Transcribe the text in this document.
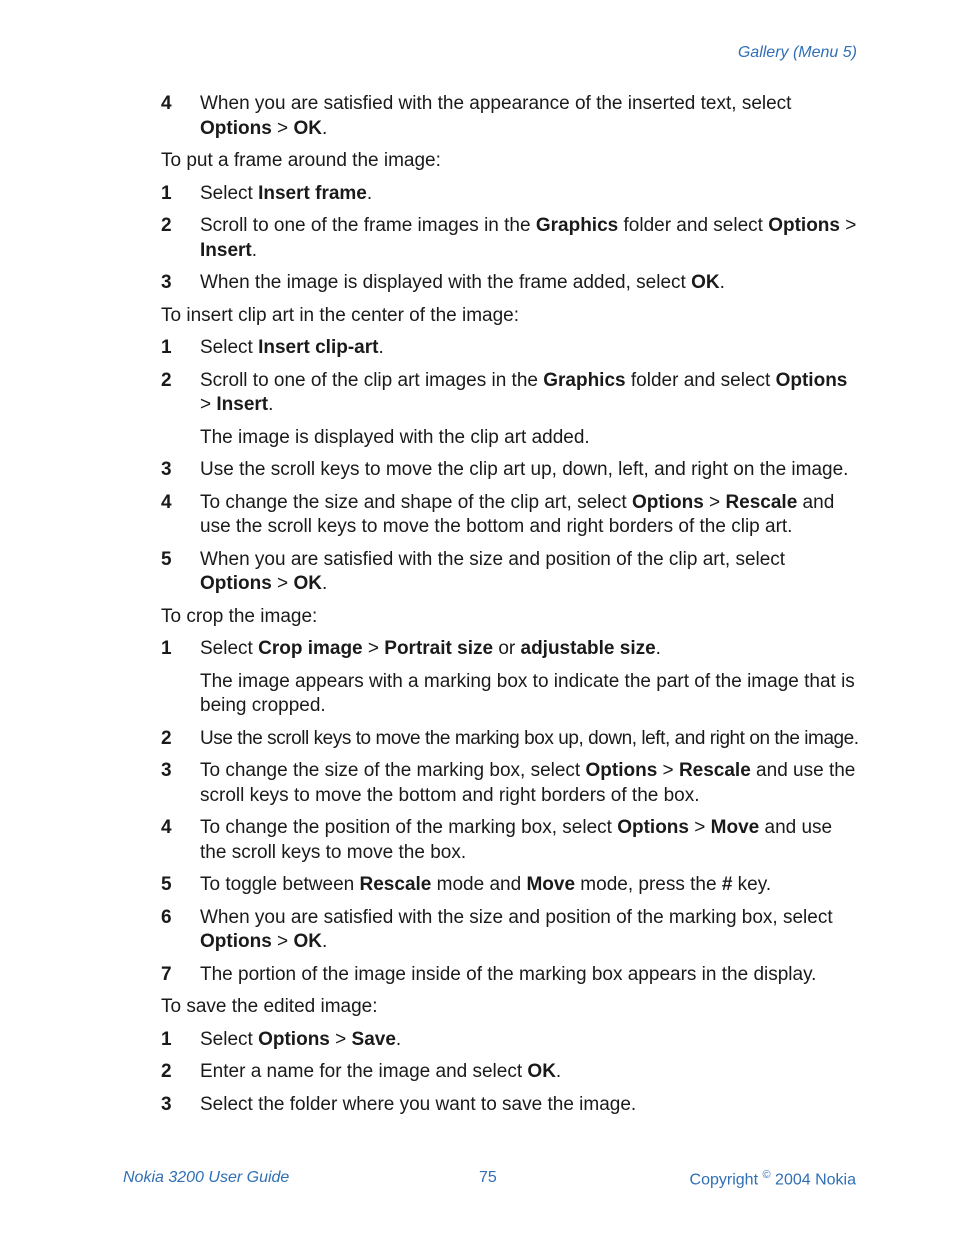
Gallery (Menu 5)
4	When you are satisfied with the appearance of the inserted text, select Options > OK.
To put a frame around the image:
1	Select Insert frame.
2	Scroll to one of the frame images in the Graphics folder and select Options > Insert.
3	When the image is displayed with the frame added, select OK.
To insert clip art in the center of the image:
1	Select Insert clip-art.
2	Scroll to one of the clip art images in the Graphics folder and select Options > Insert.
The image is displayed with the clip art added.
3	Use the scroll keys to move the clip art up, down, left, and right on the image.
4	To change the size and shape of the clip art, select Options > Rescale and use the scroll keys to move the bottom and right borders of the clip art.
5	When you are satisfied with the size and position of the clip art, select Options > OK.
To crop the image:
1	Select Crop image > Portrait size or adjustable size.
The image appears with a marking box to indicate the part of the image that is being cropped.
2	Use the scroll keys to move the marking box up, down, left, and right on the image.
3	To change the size of the marking box, select Options > Rescale and use the scroll keys to move the bottom and right borders of the box.
4	To change the position of the marking box, select Options > Move and use the scroll keys to move the box.
5	To toggle between Rescale mode and Move mode, press the # key.
6	When you are satisfied with the size and position of the marking box, select Options > OK.
7	The portion of the image inside of the marking box appears in the display.
To save the edited image:
1	Select Options > Save.
2	Enter a name for the image and select OK.
3	Select the folder where you want to save the image.
Nokia 3200 User Guide	75	Copyright © 2004 Nokia
